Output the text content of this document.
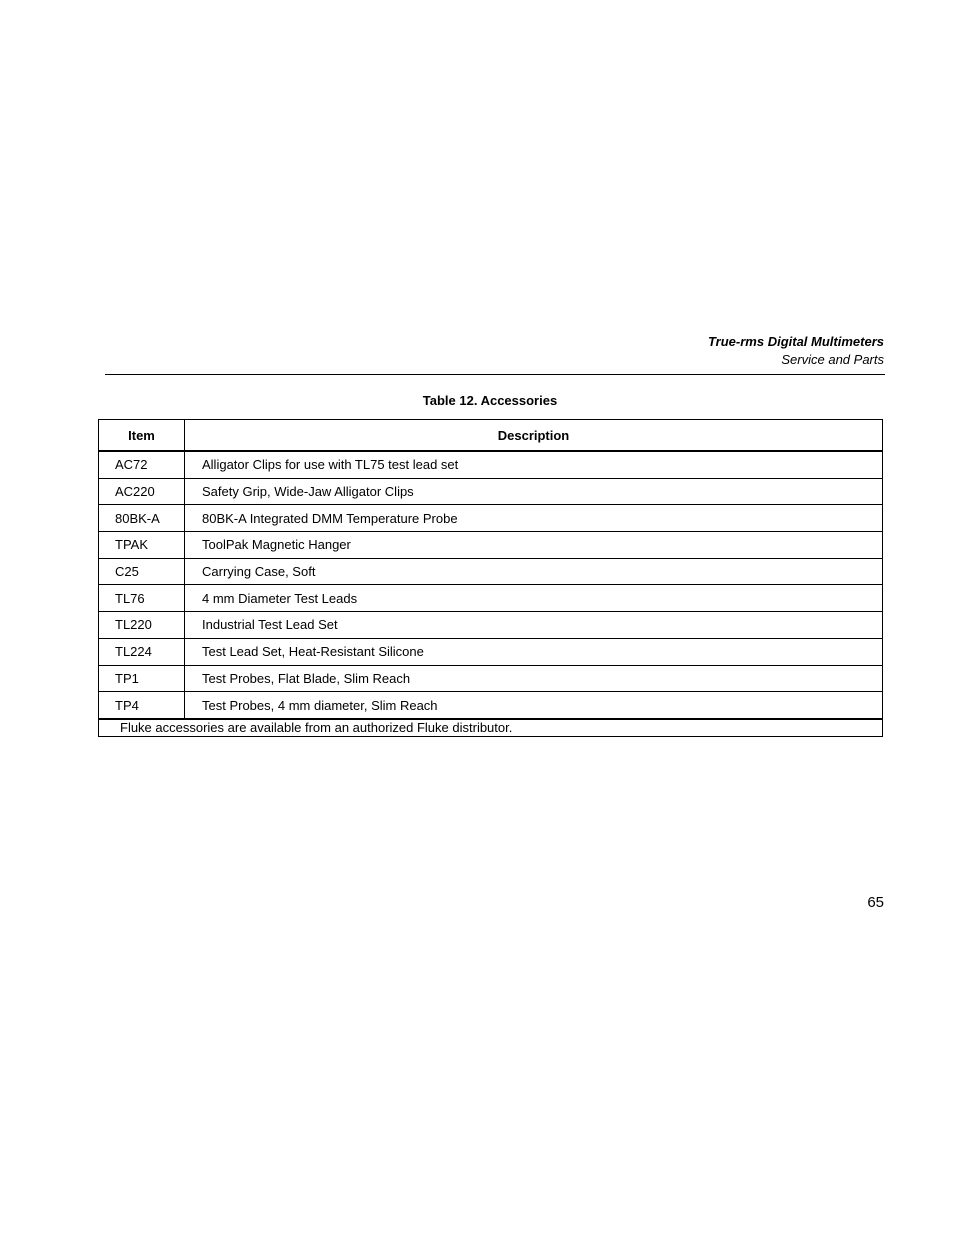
True-rms Digital Multimeters
Service and Parts
Table 12. Accessories
Item	Description
AC72	Alligator Clips for use with TL75 test lead set
AC220	Safety Grip, Wide-Jaw Alligator Clips
80BK-A	80BK-A Integrated DMM Temperature Probe
TPAK	ToolPak Magnetic Hanger
C25	Carrying Case, Soft
TL76	4 mm Diameter Test Leads
TL220	Industrial Test Lead Set
TL224	Test Lead Set, Heat-Resistant Silicone
TP1	Test Probes, Flat Blade, Slim Reach
TP4	Test Probes, 4 mm diameter, Slim Reach
Fluke accessories are available from an authorized Fluke distributor.	
65
